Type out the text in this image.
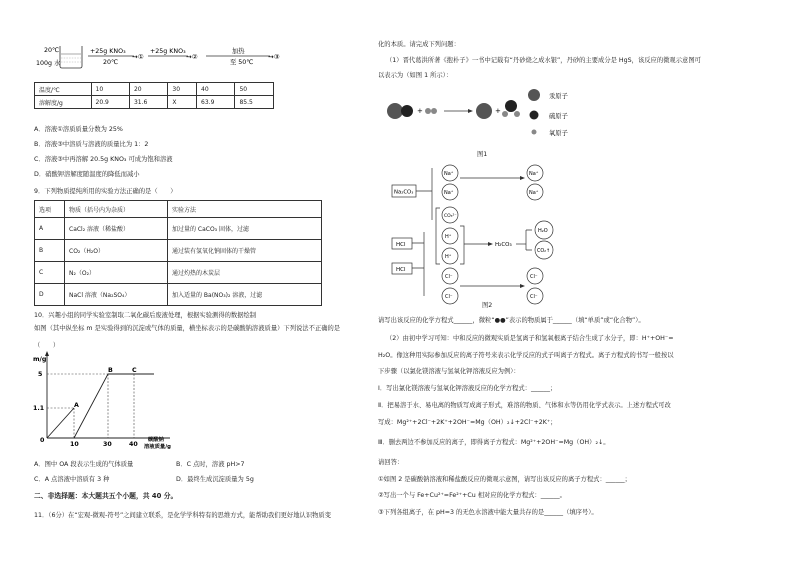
20℃
100g 水
+25g KNO₃
20℃
→①
+25g KNO₃
→②
加热
至 50℃
→③
温度/℃	10	20	30	40	50
溶解度/g	20.9	31.6	X	63.9	85.5
A．溶液①溶质质量分数为 25%
B．溶液③中溶质与溶液的质量比为 1：2
C．溶液③中再溶解 20.5g KNO₃ 可成为饱和溶液
D．硝酸钾溶解度随温度的降低而减小
9．下列物质提纯所用的实验方法正确的是（　　）
选项	物质（括号内为杂质）	实验方法
A	CaCl₂ 溶液（稀盐酸）	加过量的 CaCO₃ 固体，过滤
B	CO₂（H₂O）	通过装有氢氧化钠固体的干燥管
C	N₂（O₂）	通过灼热的木炭层
D	NaCl 溶液（Na₂SO₄）	加入适量的 Ba(NO₃)₂ 溶液，过滤
10．兴趣小组的同学实验室制取二氧化碳后废液处理，根据实验测得的数据绘制
如图（其中纵坐标 m 是实验得到的沉淀或气体的质量，横坐标表示的是碳酸钠溶液质量）下列说法不正确的是
（　　）
m/g
5
1.1
0
A
B	C
10	30	40
碳酸钠
溶液质量/g
A．图中 OA 段表示生成的气体质量	B．C 点时，溶液 pH>7
C．A 点溶液中溶质有 3 种	D．最终生成沉淀质量为 5g
二、非选择题：本大题共五个小题，共 40 分。
11．（6分）在“宏观-微观-符号”之间建立联系，是化学学科特有的思维方式，能帮助我们更好地认识物质变
化的本质。请完成下列问题：
（1）晋代葛洪所著《抱朴子》一书中记载有“丹砂烧之成水银”，丹砂的主要成分是 HgS，该反应的微观示意图可
以表示为（如图 1 所示）：
+	+
汞原子
硫原子
氧原子
图1
Na₂CO₃
HCl
HCl
Na⁺
Na⁺
CO₃²⁻
H⁺
H⁺
Cl⁻
Cl⁻
H₂CO₃
H₂O
CO₂↑
Na⁺
Na⁺
Cl⁻
Cl⁻
图2
请写出该反应的化学方程式______，微粒“●●”表示的物质属于______（填“单质”或“化合物”）。
（2）由初中学习可知：中和反应的微观实质是氢离子和氢氧根离子结合生成了水分子，即：H⁺+OH⁻=
H₂O。像这种用实际参加反应的离子符号来表示化学反应的式子叫离子方程式。离子方程式的书写一般按以
下步骤（以氯化镁溶液与氢氧化钾溶液反应为例）：
Ⅰ．写出氯化镁溶液与氢氧化钾溶液反应的化学方程式：______；
Ⅱ．把易溶于水、易电离的物质写成离子形式，难溶的物质、气体和水等仍用化学式表示。上述方程式可改
写成：Mg²⁺+2Cl⁻+2K⁺+2OH⁻=Mg（OH）₂↓+2Cl⁻+2K⁺；
Ⅲ．删去两边不参加反应的离子，即得离子方程式：Mg²⁺+2OH⁻=Mg（OH）₂↓。
请回答：
①如图 2 是碳酸钠溶液和稀盐酸反应的微观示意图，请写出该反应的离子方程式：______；
②写出一个与 Fe+Cu²⁺=Fe²⁺+Cu 相对应的化学方程式：______。
③下列各组离子，在 pH=3 的无色水溶液中能大量共存的是______（填序号）。
